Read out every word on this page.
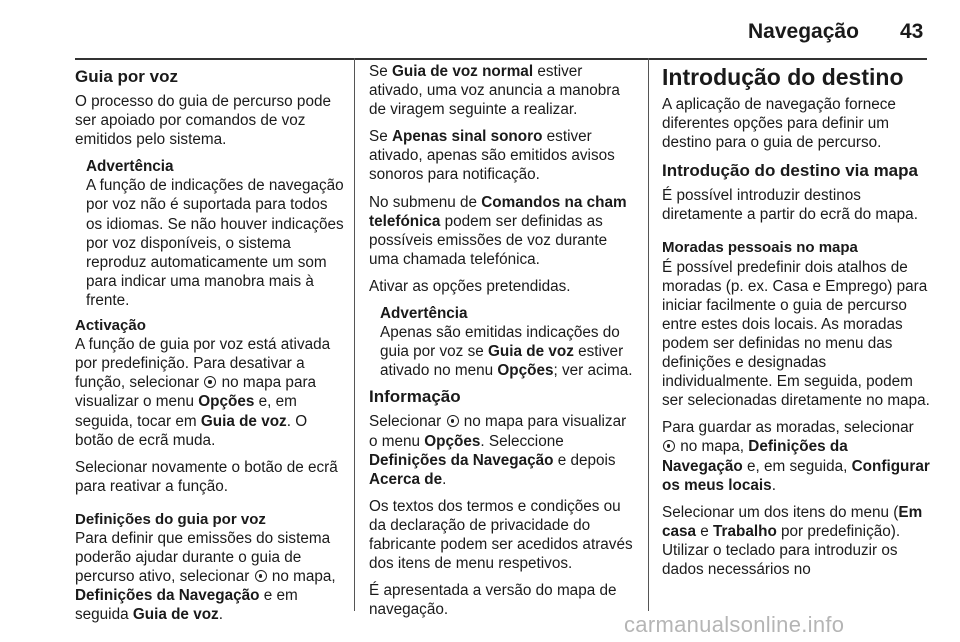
Navegação 43
Guia por voz

O processo do guia de percurso pode ser apoiado por comandos de voz emitidos pelo sistema.

Advertência
A função de indicações de navegação por voz não é suportada para todos os idiomas. Se não houver indicações por voz disponíveis, o sistema reproduz automaticamente um som para indicar uma manobra mais à frente.
Activação

A função de guia por voz está ativada por predefinição. Para desativar a função, selecionar no mapa para visualizar o menu Opções e, em seguida, tocar em Guia de voz. O botão de ecrã muda.

Selecionar novamente o botão de ecrã para reativar a função.

Definições do guia por voz

Para definir que emissões do sistema poderão ajudar durante o guia de percurso ativo, selecionar no mapa, Definições da Navegação e em seguida Guia de voz.

Se Guia de voz normal estiver ativado, uma voz anuncia a manobra de viragem seguinte a realizar.

Se Apenas sinal sonoro estiver ativado, apenas são emitidos avisos sonoros para notificação.

No submenu de Comandos na cham telefónica podem ser definidas as possíveis emissões de voz durante uma chamada telefónica.

Ativar as opções pretendidas.

Advertência
Apenas são emitidas indicações do guia por voz se Guia de voz estiver ativado no menu Opções; ver acima.
Informação

Selecionar no mapa para visualizar o menu Opções. Seleccione Definições da Navegação e depois Acerca de.

Os textos dos termos e condições ou da declaração de privacidade do fabricante podem ser acedidos através dos itens de menu respetivos.

É apresentada a versão do mapa de navegação.

Introdução do destino

A aplicação de navegação fornece diferentes opções para definir um destino para o guia de percurso.

Introdução do destino via mapa

É possível introduzir destinos diretamente a partir do ecrã do mapa.

Moradas pessoais no mapa

É possível predefinir dois atalhos de moradas (p. ex. Casa e Emprego) para iniciar facilmente o guia de percurso entre estes dois locais. As moradas podem ser definidas no menu das definições e designadas individualmente. Em seguida, podem ser selecionadas diretamente no mapa.

Para guardar as moradas, selecionar  no mapa, Definições da Navegação e, em seguida, Configurar os meus locais.

Selecionar um dos itens do menu (Em casa e Trabalho por predefinição). Utilizar o teclado para introduzir os dados necessários no

carmanualsonline.info
